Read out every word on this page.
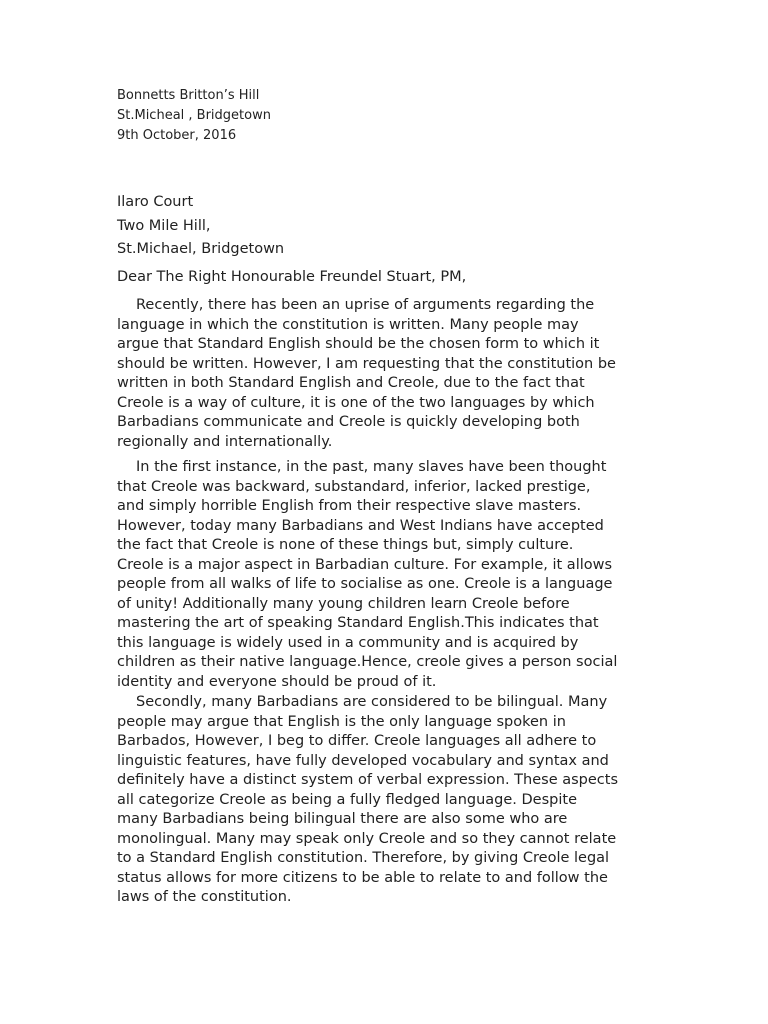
Bonnetts Britton’s Hill
St.Micheal , Bridgetown
9th October, 2016
Ilaro Court
Two Mile Hill,
St.Michael, Bridgetown

Dear The Right Honourable Freundel Stuart, PM,

Recently, there has been an uprise of arguments regarding the
language in which the constitution is written. Many people may
argue that Standard English should be the chosen form to which it
should be written. However, I am requesting that the constitution be
written in both Standard English and Creole, due to the fact that
Creole is a way of culture, it is one of the two languages by which
Barbadians communicate and Creole is quickly developing both
regionally and internationally.
In the first instance, in the past, many slaves have been thought
that Creole was backward, substandard, inferior, lacked prestige,
and simply horrible English from their respective slave masters.
However, today many Barbadians and West Indians have accepted
the fact that Creole is none of these things but, simply culture.
Creole is a major aspect in Barbadian culture. For example, it allows
people from all walks of life to socialise as one. Creole is a language
of unity! Additionally many young children learn Creole before
mastering the art of speaking Standard English.This indicates that
this language is widely used in a community and is acquired by
children as their native language.Hence, creole gives a person social
identity and everyone should be proud of it.
Secondly, many Barbadians are considered to be bilingual. Many
people may argue that English is the only language spoken in
Barbados, However, I beg to differ. Creole languages all adhere to
linguistic features, have fully developed vocabulary and syntax and
definitely have a distinct system of verbal expression. These aspects
all categorize Creole as being a fully fledged language. Despite
many Barbadians being bilingual there are also some who are
monolingual. Many may speak only Creole and so they cannot relate
to a Standard English constitution. Therefore, by giving Creole legal
status allows for more citizens to be able to relate to and follow the
laws of the constitution.
